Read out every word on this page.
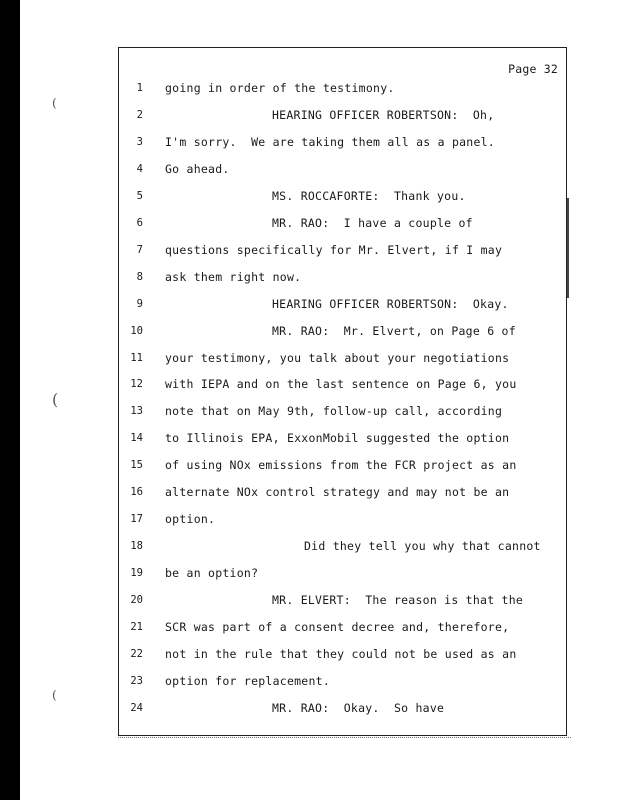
(
(
(
Page 32
1 going in order of the testimony.
2	HEARING OFFICER ROBERTSON:  Oh,
3 I'm sorry.  We are taking them all as a panel.
4 Go ahead.
5	MS. ROCCAFORTE:  Thank you.
6	MR. RAO:  I have a couple of
7 questions specifically for Mr. Elvert, if I may
8 ask them right now.
9	HEARING OFFICER ROBERTSON:  Okay.
10	MR. RAO:  Mr. Elvert, on Page 6 of
11 your testimony, you talk about your negotiations
12 with IEPA and on the last sentence on Page 6, you
13 note that on May 9th, follow-up call, according
14 to Illinois EPA, ExxonMobil suggested the option
15 of using NOx emissions from the FCR project as an
16 alternate NOx control strategy and may not be an
17 option.
18	Did they tell you why that cannot
19 be an option?
20	MR. ELVERT:  The reason is that the
21 SCR was part of a consent decree and, therefore,
22 not in the rule that they could not be used as an
23 option for replacement.
24	MR. RAO:  Okay.  So have
